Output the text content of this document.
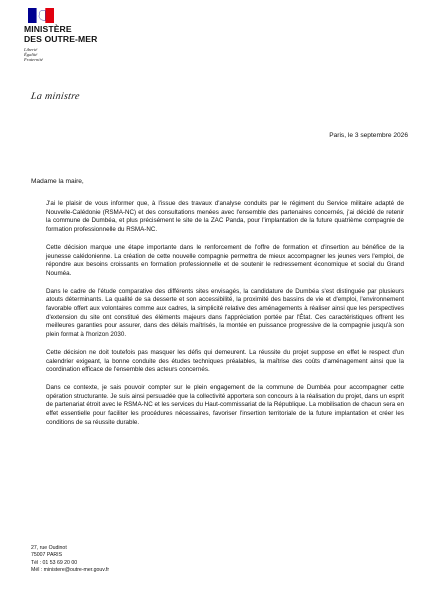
MINISTÈRE
DES OUTRE-MER
Liberté
Égalité
Fraternité
La ministre
Paris, le 3 septembre 2026
Madame la maire,

J'ai le plaisir de vous informer que, à l'issue des travaux d'analyse conduits par le régiment du Service militaire adapté de Nouvelle-Calédonie (RSMA-NC) et des consultations menées avec l'ensemble des partenaires concernés, j'ai décidé de retenir la commune de Dumbéa, et plus précisément le site de la ZAC Panda, pour l'implantation de la future quatrième compagnie de formation professionnelle du RSMA-NC.

Cette décision marque une étape importante dans le renforcement de l'offre de formation et d'insertion au bénéfice de la jeunesse calédonienne. La création de cette nouvelle compagnie permettra de mieux accompagner les jeunes vers l'emploi, de répondre aux besoins croissants en formation professionnelle et de soutenir le redressement économique et social du Grand Nouméa.

Dans le cadre de l'étude comparative des différents sites envisagés, la candidature de Dumbéa s'est distinguée par plusieurs atouts déterminants. La qualité de sa desserte et son accessibilité, la proximité des bassins de vie et d'emploi, l'environnement favorable offert aux volontaires comme aux cadres, la simplicité relative des aménagements à réaliser ainsi que les perspectives d'extension du site ont constitué des éléments majeurs dans l'appréciation portée par l'État. Ces caractéristiques offrent les meilleures garanties pour assurer, dans des délais maîtrisés, la montée en puissance progressive de la compagnie jusqu'à son plein format à l'horizon 2030.

Cette décision ne doit toutefois pas masquer les défis qui demeurent. La réussite du projet suppose en effet le respect d'un calendrier exigeant, la bonne conduite des études techniques préalables, la maîtrise des coûts d'aménagement ainsi que la coordination efficace de l'ensemble des acteurs concernés.

Dans ce contexte, je sais pouvoir compter sur le plein engagement de la commune de Dumbéa pour accompagner cette opération structurante. Je suis ainsi persuadée que la collectivité apportera son concours à la réalisation du projet, dans un esprit de partenariat étroit avec le RSMA-NC et les services du Haut-commissariat de la République. La mobilisation de chacun sera en effet essentielle pour faciliter les procédures nécessaires, favoriser l'insertion territoriale de la future implantation et créer les conditions de sa réussite durable.

27, rue Oudinot
75007 PARIS
Tél : 01 53 69 20 00
Mél : ministere@outre-mer.gouv.fr
